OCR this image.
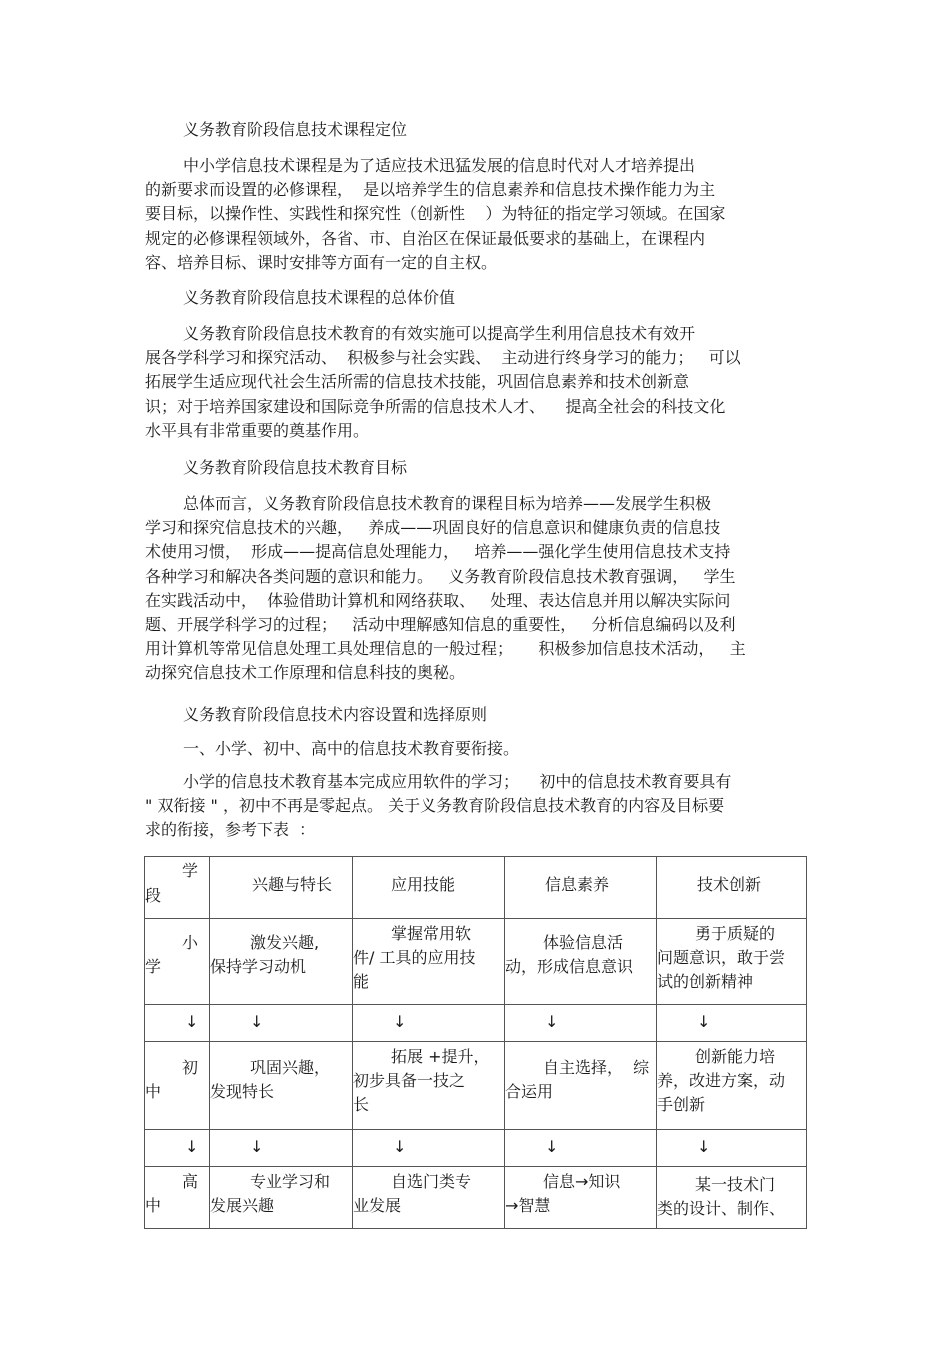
义务教育阶段信息技术课程定位
中小学信息技术课程是为了适应技术迅猛发展的信息时代对人才培养提出
的新要求而设置的必修课程，  是以培养学生的信息素养和信息技术操作能力为主
要目标，以操作性、实践性和探究性（创新性    ）为特征的指定学习领域。在国家
规定的必修课程领域外，各省、市、自治区在保证最低要求的基础上，在课程内
容、培养目标、课时安排等方面有一定的自主权。
义务教育阶段信息技术课程的总体价值
义务教育阶段信息技术教育的有效实施可以提高学生利用信息技术有效开
展各学科学习和探究活动、  积极参与社会实践、  主动进行终身学习的能力；   可以
拓展学生适应现代社会生活所需的信息技术技能，巩固信息素养和技术创新意
识；对于培养国家建设和国际竞争所需的信息技术人才、    提高全社会的科技文化
水平具有非常重要的奠基作用。
义务教育阶段信息技术教育目标
总体而言，义务教育阶段信息技术教育的课程目标为培养——发展学生积极
学习和探究信息技术的兴趣，   养成——巩固良好的信息意识和健康负责的信息技
术使用习惯，  形成——提高信息处理能力，   培养——强化学生使用信息技术支持
各种学习和解决各类问题的意识和能力。   义务教育阶段信息技术教育强调，   学生
在实践活动中，  体验借助计算机和网络获取、   处理、表达信息并用以解决实际问
题、开展学科学习的过程；   活动中理解感知信息的重要性，   分析信息编码以及利
用计算机等常见信息处理工具处理信息的一般过程；     积极参加信息技术活动，   主
动探究信息技术工作原理和信息科技的奥秘。
义务教育阶段信息技术内容设置和选择原则
一、小学、初中、高中的信息技术教育要衔接。
小学的信息技术教育基本完成应用软件的学习；    初中的信息技术教育要具有
" 双衔接 " ，初中不再是零起点。 关于义务教育阶段信息技术教育的内容及目标要
求的衔接，参考下表  ：
学
段	兴趣与特长	应用技能	信息素养	技术创新

小
学	激发兴趣,
保持学习动机	掌握常用软
件/ 工具的应用技
能	体验信息活
动，形成信息意识	勇于质疑的
问题意识，敢于尝
试的创新精神

↓	↓	↓	↓	↓

初
中	巩固兴趣，
发现特长	拓展 +提升，
初步具备一技之
长	自主选择，  综
合运用	创新能力培
养，改进方案，动
手创新

↓	↓	↓	↓	↓

高
中	专业学习和
发展兴趣	自选门类专
业发展	信息→知识
→智慧	某一技术门
类的设计、制作、
